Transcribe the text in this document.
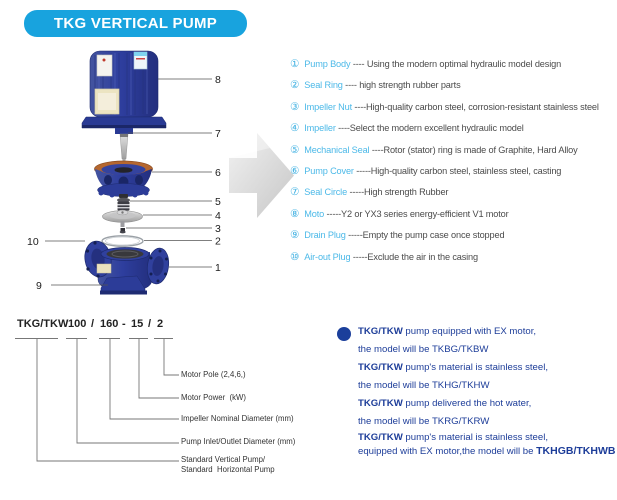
TKG VERTICAL PUMP
8
7
6
5
4
3
2
10
1
9
① Pump Body ---- Using the modern optimal hydraulic model design
② Seal Ring ---- high strength rubber parts
③ Impeller Nut ----High-quality carbon steel, corrosion-resistant stainless steel
④ Impeller ----Select the modern excellent hydraulic model
⑤ Mechanical Seal ----Rotor (stator) ring is made of Graphite, Hard Alloy
⑥ Pump Cover -----High-quality carbon steel, stainless steel, casting
⑦ Seal Circle -----High strength Rubber
⑧ Moto -----Y2 or YX3 series energy-efficient V1 motor
⑨ Drain Plug -----Empty the pump case once stopped
⑩ Air-out Plug -----Exclude the air in the casing
TKG/TKW 100 / 160 - 15 / 2
Motor Pole (2,4,6,)
Motor Power  (kW)
Impeller Nominal Diameter (mm)
Pump Inlet/Outlet Diameter (mm)
Standard Vertical Pump/
Standard  Horizontal Pump
TKG/TKW pump equipped with EX motor,
the model will be TKBG/TKBW
TKG/TKW pump's material is stainless steel,
the model will be TKHG/TKHW
TKG/TKW pump delivered the hot water,
the model will be TKRG/TKRW
TKG/TKW pump's material is stainless steel,
equipped with EX motor,the model will be TKHGB/TKHWB
